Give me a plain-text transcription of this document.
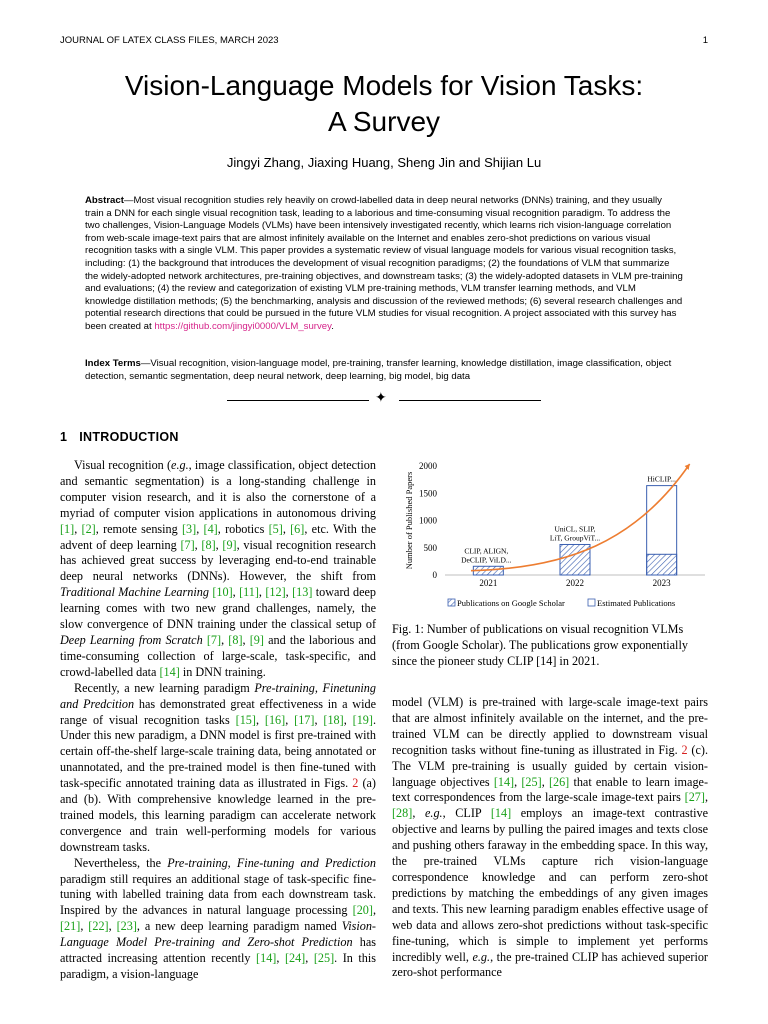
JOURNAL OF LATEX CLASS FILES, MARCH 2023	1
Vision-Language Models for Vision Tasks:
A Survey
Jingyi Zhang, Jiaxing Huang, Sheng Jin and Shijian Lu

Abstract—Most visual recognition studies rely heavily on crowd-labelled data in deep neural networks (DNNs) training, and they usually train a DNN for each single visual recognition task, leading to a laborious and time-consuming visual recognition paradigm. To address the two challenges, Vision-Language Models (VLMs) have been intensively investigated recently, which learns rich vision-language correlation from web-scale image-text pairs that are almost infinitely available on the Internet and enables zero-shot predictions on various visual recognition tasks with a single VLM. This paper provides a systematic review of visual language models for various visual recognition tasks, including: (1) the background that introduces the development of visual recognition paradigms; (2) the foundations of VLM that summarize the widely-adopted network architectures, pre-training objectives, and downstream tasks; (3) the widely-adopted datasets in VLM pre-training and evaluations; (4) the review and categorization of existing VLM pre-training methods, VLM transfer learning methods, and VLM knowledge distillation methods; (5) the benchmarking, analysis and discussion of the reviewed methods; (6) several research challenges and potential research directions that could be pursued in the future VLM studies for visual recognition. A project associated with this survey has been created at https://github.com/jingyi0000/VLM_survey.

Index Terms—Visual recognition, vision-language model, pre-training, transfer learning, knowledge distillation, image classification, object detection, semantic segmentation, deep neural network, deep learning, big model, big data

✦
1 INTRODUCTION

Visual recognition (e.g., image classification, object detection and semantic segmentation) is a long-standing challenge in computer vision research, and it is also the cornerstone of a myriad of computer vision applications in autonomous driving [1], [2], remote sensing [3], [4], robotics [5], [6], etc. With the advent of deep learning [7], [8], [9], visual recognition research has achieved great success by leveraging end-to-end trainable deep neural networks (DNNs). However, the shift from Traditional Machine Learning [10], [11], [12], [13] toward deep learning comes with two new grand challenges, namely, the slow convergence of DNN training under the classical setup of Deep Learning from Scratch [7], [8], [9] and the laborious and time-consuming collection of large-scale, task-specific, and crowd-labelled data [14] in DNN training.

Recently, a new learning paradigm Pre-training, Finetuning and Predcition has demonstrated great effectiveness in a wide range of visual recognition tasks [15], [16], [17], [18], [19]. Under this new paradigm, a DNN model is first pre-trained with certain off-the-shelf large-scale training data, being annotated or unannotated, and the pre-trained model is then fine-tuned with task-specific annotated training data as illustrated in Figs. 2 (a) and (b). With comprehensive knowledge learned in the pre-trained models, this learning paradigm can accelerate network convergence and train well-performing models for various downstream tasks.

Nevertheless, the Pre-training, Fine-tuning and Prediction paradigm still requires an additional stage of task-specific fine-tuning with labelled training data from each downstream task. Inspired by the advances in natural language processing [20], [21], [22], [23], a new deep learning paradigm named Vision-Language Model Pre-training and Zero-shot Prediction has attracted increasing attention recently [14], [24], [25]. In this paradigm, a vision-language

Number of Published Papers
0
500
1000
1500
2000
2021
CLIP, ALIGN,
DeCLIP, ViLD...
2022
UniCL, SLIP,
LiT, GroupViT...
2023
HiCLIP...
Publications on Google Scholar	Estimated Publications

Fig. 1: Number of publications on visual recognition VLMs (from Google Scholar). The publications grow exponentially since the pioneer study CLIP [14] in 2021.

model (VLM) is pre-trained with large-scale image-text pairs that are almost infinitely available on the internet, and the pre-trained VLM can be directly applied to downstream visual recognition tasks without fine-tuning as illustrated in Fig. 2 (c). The VLM pre-training is usually guided by certain vision-language objectives [14], [25], [26] that enable to learn image-text correspondences from the large-scale image-text pairs [27], [28], e.g., CLIP [14] employs an image-text contrastive objective and learns by pulling the paired images and texts close and pushing others faraway in the embedding space. In this way, the pre-trained VLMs capture rich vision-language correspondence knowledge and can perform zero-shot predictions by matching the embeddings of any given images and texts. This new learning paradigm enables effective usage of web data and allows zero-shot predictions without task-specific fine-tuning, which is simple to implement yet performs incredibly well, e.g., the pre-trained CLIP has achieved superior zero-shot performance
